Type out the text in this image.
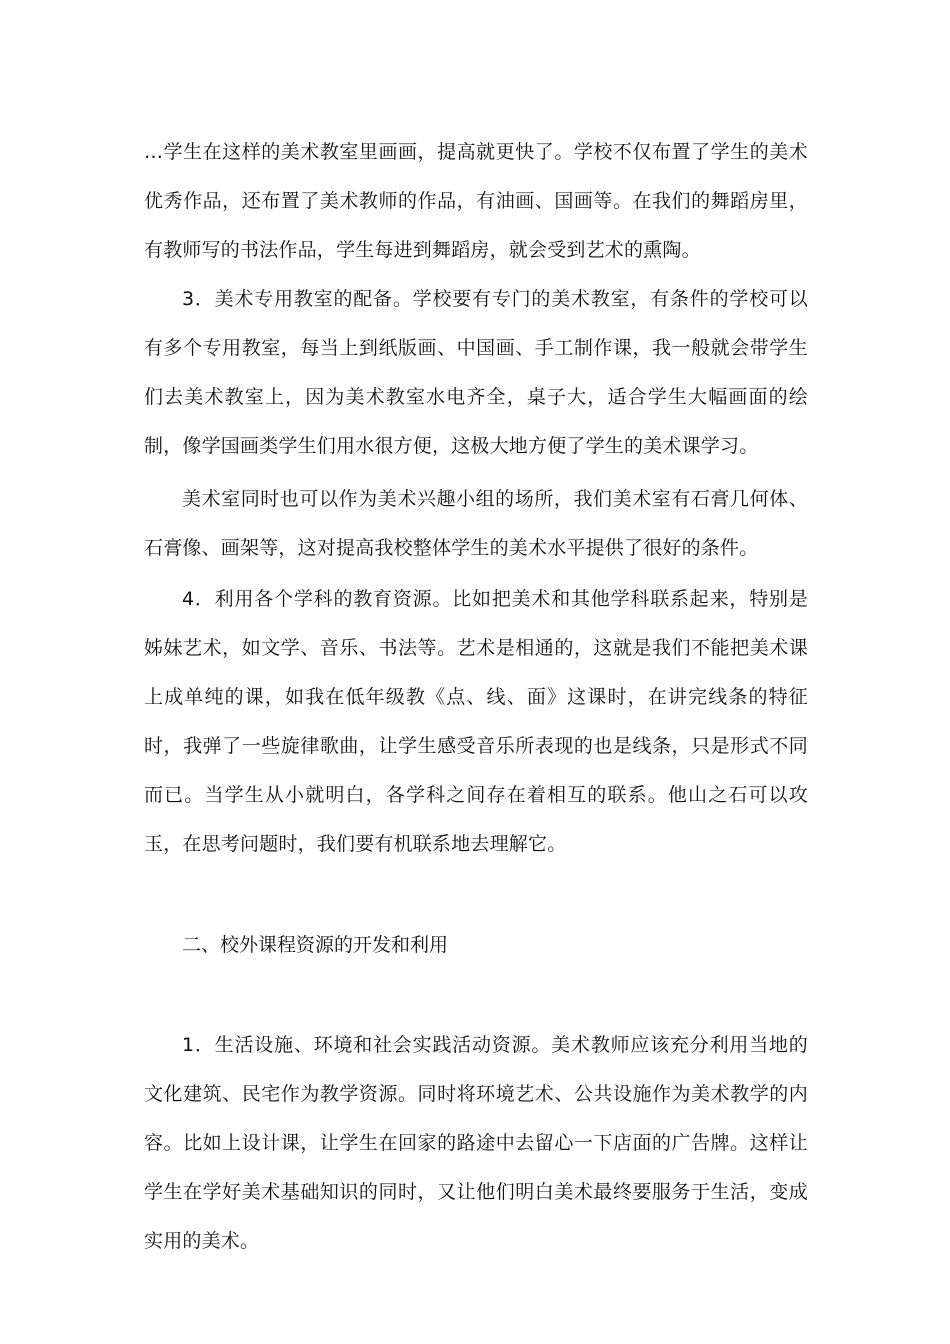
…学生在这样的美术教室里画画，提高就更快了。学校不仅布置了学生的美术优秀作品，还布置了美术教师的作品，有油画、国画等。在我们的舞蹈房里，有教师写的书法作品，学生每进到舞蹈房，就会受到艺术的熏陶。

3．美术专用教室的配备。学校要有专门的美术教室，有条件的学校可以有多个专用教室，每当上到纸版画、中国画、手工制作课，我一般就会带学生们去美术教室上，因为美术教室水电齐全，桌子大，适合学生大幅画面的绘制，像学国画类学生们用水很方便，这极大地方便了学生的美术课学习。

美术室同时也可以作为美术兴趣小组的场所，我们美术室有石膏几何体、石膏像、画架等，这对提高我校整体学生的美术水平提供了很好的条件。

4．利用各个学科的教育资源。比如把美术和其他学科联系起来，特别是姊妹艺术，如文学、音乐、书法等。艺术是相通的，这就是我们不能把美术课上成单纯的课，如我在低年级教《点、线、面》这课时，在讲完线条的特征时，我弹了一些旋律歌曲，让学生感受音乐所表现的也是线条，只是形式不同而已。当学生从小就明白，各学科之间存在着相互的联系。他山之石可以攻玉，在思考问题时，我们要有机联系地去理解它。

二、校外课程资源的开发和利用

1．生活设施、环境和社会实践活动资源。美术教师应该充分利用当地的文化建筑、民宅作为教学资源。同时将环境艺术、公共设施作为美术教学的内容。比如上设计课，让学生在回家的路途中去留心一下店面的广告牌。这样让学生在学好美术基础知识的同时，又让他们明白美术最终要服务于生活，变成实用的美术。
